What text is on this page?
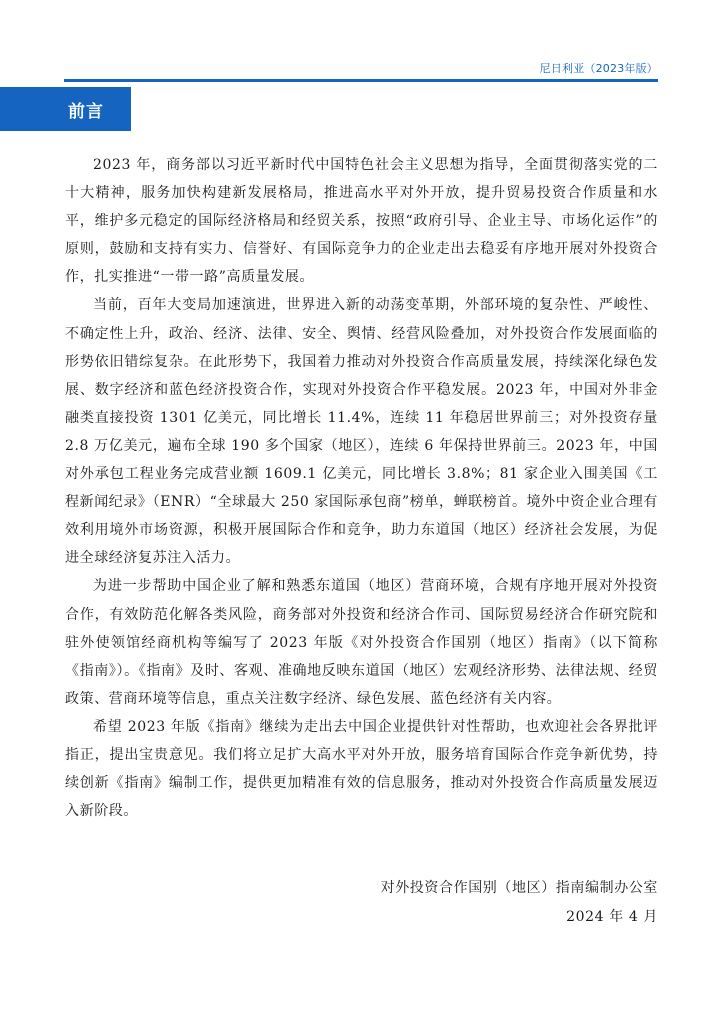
尼日利亚（2023年版）
前言

2023 年，商务部以习近平新时代中国特色社会主义思想为指导，全面贯彻落实党的二十大精神，服务加快构建新发展格局，推进高水平对外开放，提升贸易投资合作质量和水平，维护多元稳定的国际经济格局和经贸关系，按照“政府引导、企业主导、市场化运作”的原则，鼓励和支持有实力、信誉好、有国际竞争力的企业走出去稳妥有序地开展对外投资合作，扎实推进“一带一路”高质量发展。

当前，百年大变局加速演进，世界进入新的动荡变革期，外部环境的复杂性、严峻性、不确定性上升，政治、经济、法律、安全、舆情、经营风险叠加，对外投资合作发展面临的形势依旧错综复杂。在此形势下，我国着力推动对外投资合作高质量发展，持续深化绿色发展、数字经济和蓝色经济投资合作，实现对外投资合作平稳发展。2023 年，中国对外非金融类直接投资 1301 亿美元，同比增长 11.4%，连续 11 年稳居世界前三；对外投资存量 2.8 万亿美元，遍布全球 190 多个国家（地区），连续 6 年保持世界前三。2023 年，中国对外承包工程业务完成营业额 1609.1 亿美元，同比增长 3.8%；81 家企业入围美国《工程新闻纪录》（ENR）“全球最大 250 家国际承包商”榜单，蝉联榜首。境外中资企业合理有效利用境外市场资源，积极开展国际合作和竞争，助力东道国（地区）经济社会发展，为促进全球经济复苏注入活力。

为进一步帮助中国企业了解和熟悉东道国（地区）营商环境，合规有序地开展对外投资合作，有效防范化解各类风险，商务部对外投资和经济合作司、国际贸易经济合作研究院和驻外使领馆经商机构等编写了 2023 年版《对外投资合作国别（地区）指南》（以下简称《指南》）。《指南》及时、客观、准确地反映东道国（地区）宏观经济形势、法律法规、经贸政策、营商环境等信息，重点关注数字经济、绿色发展、蓝色经济有关内容。

希望 2023 年版《指南》继续为走出去中国企业提供针对性帮助，也欢迎社会各界批评指正，提出宝贵意见。我们将立足扩大高水平对外开放，服务培育国际合作竞争新优势，持续创新《指南》编制工作，提供更加精准有效的信息服务，推动对外投资合作高质量发展迈入新阶段。

对外投资合作国别（地区）指南编制办公室
2024 年 4 月
